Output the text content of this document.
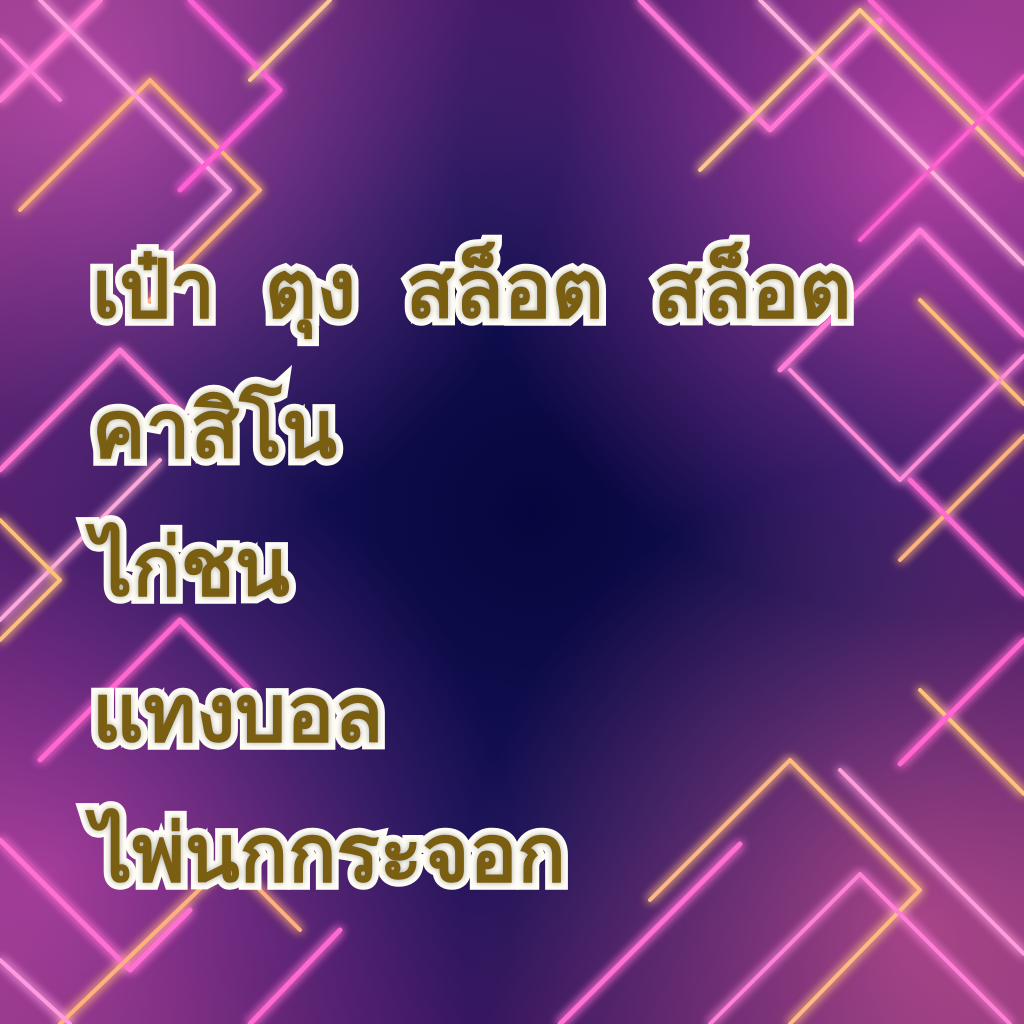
เป๋า ตุง สล็อต สล็อต

คาสิโน

ไก่ชน

แทงบอล

ไพ่นกกระจอก
